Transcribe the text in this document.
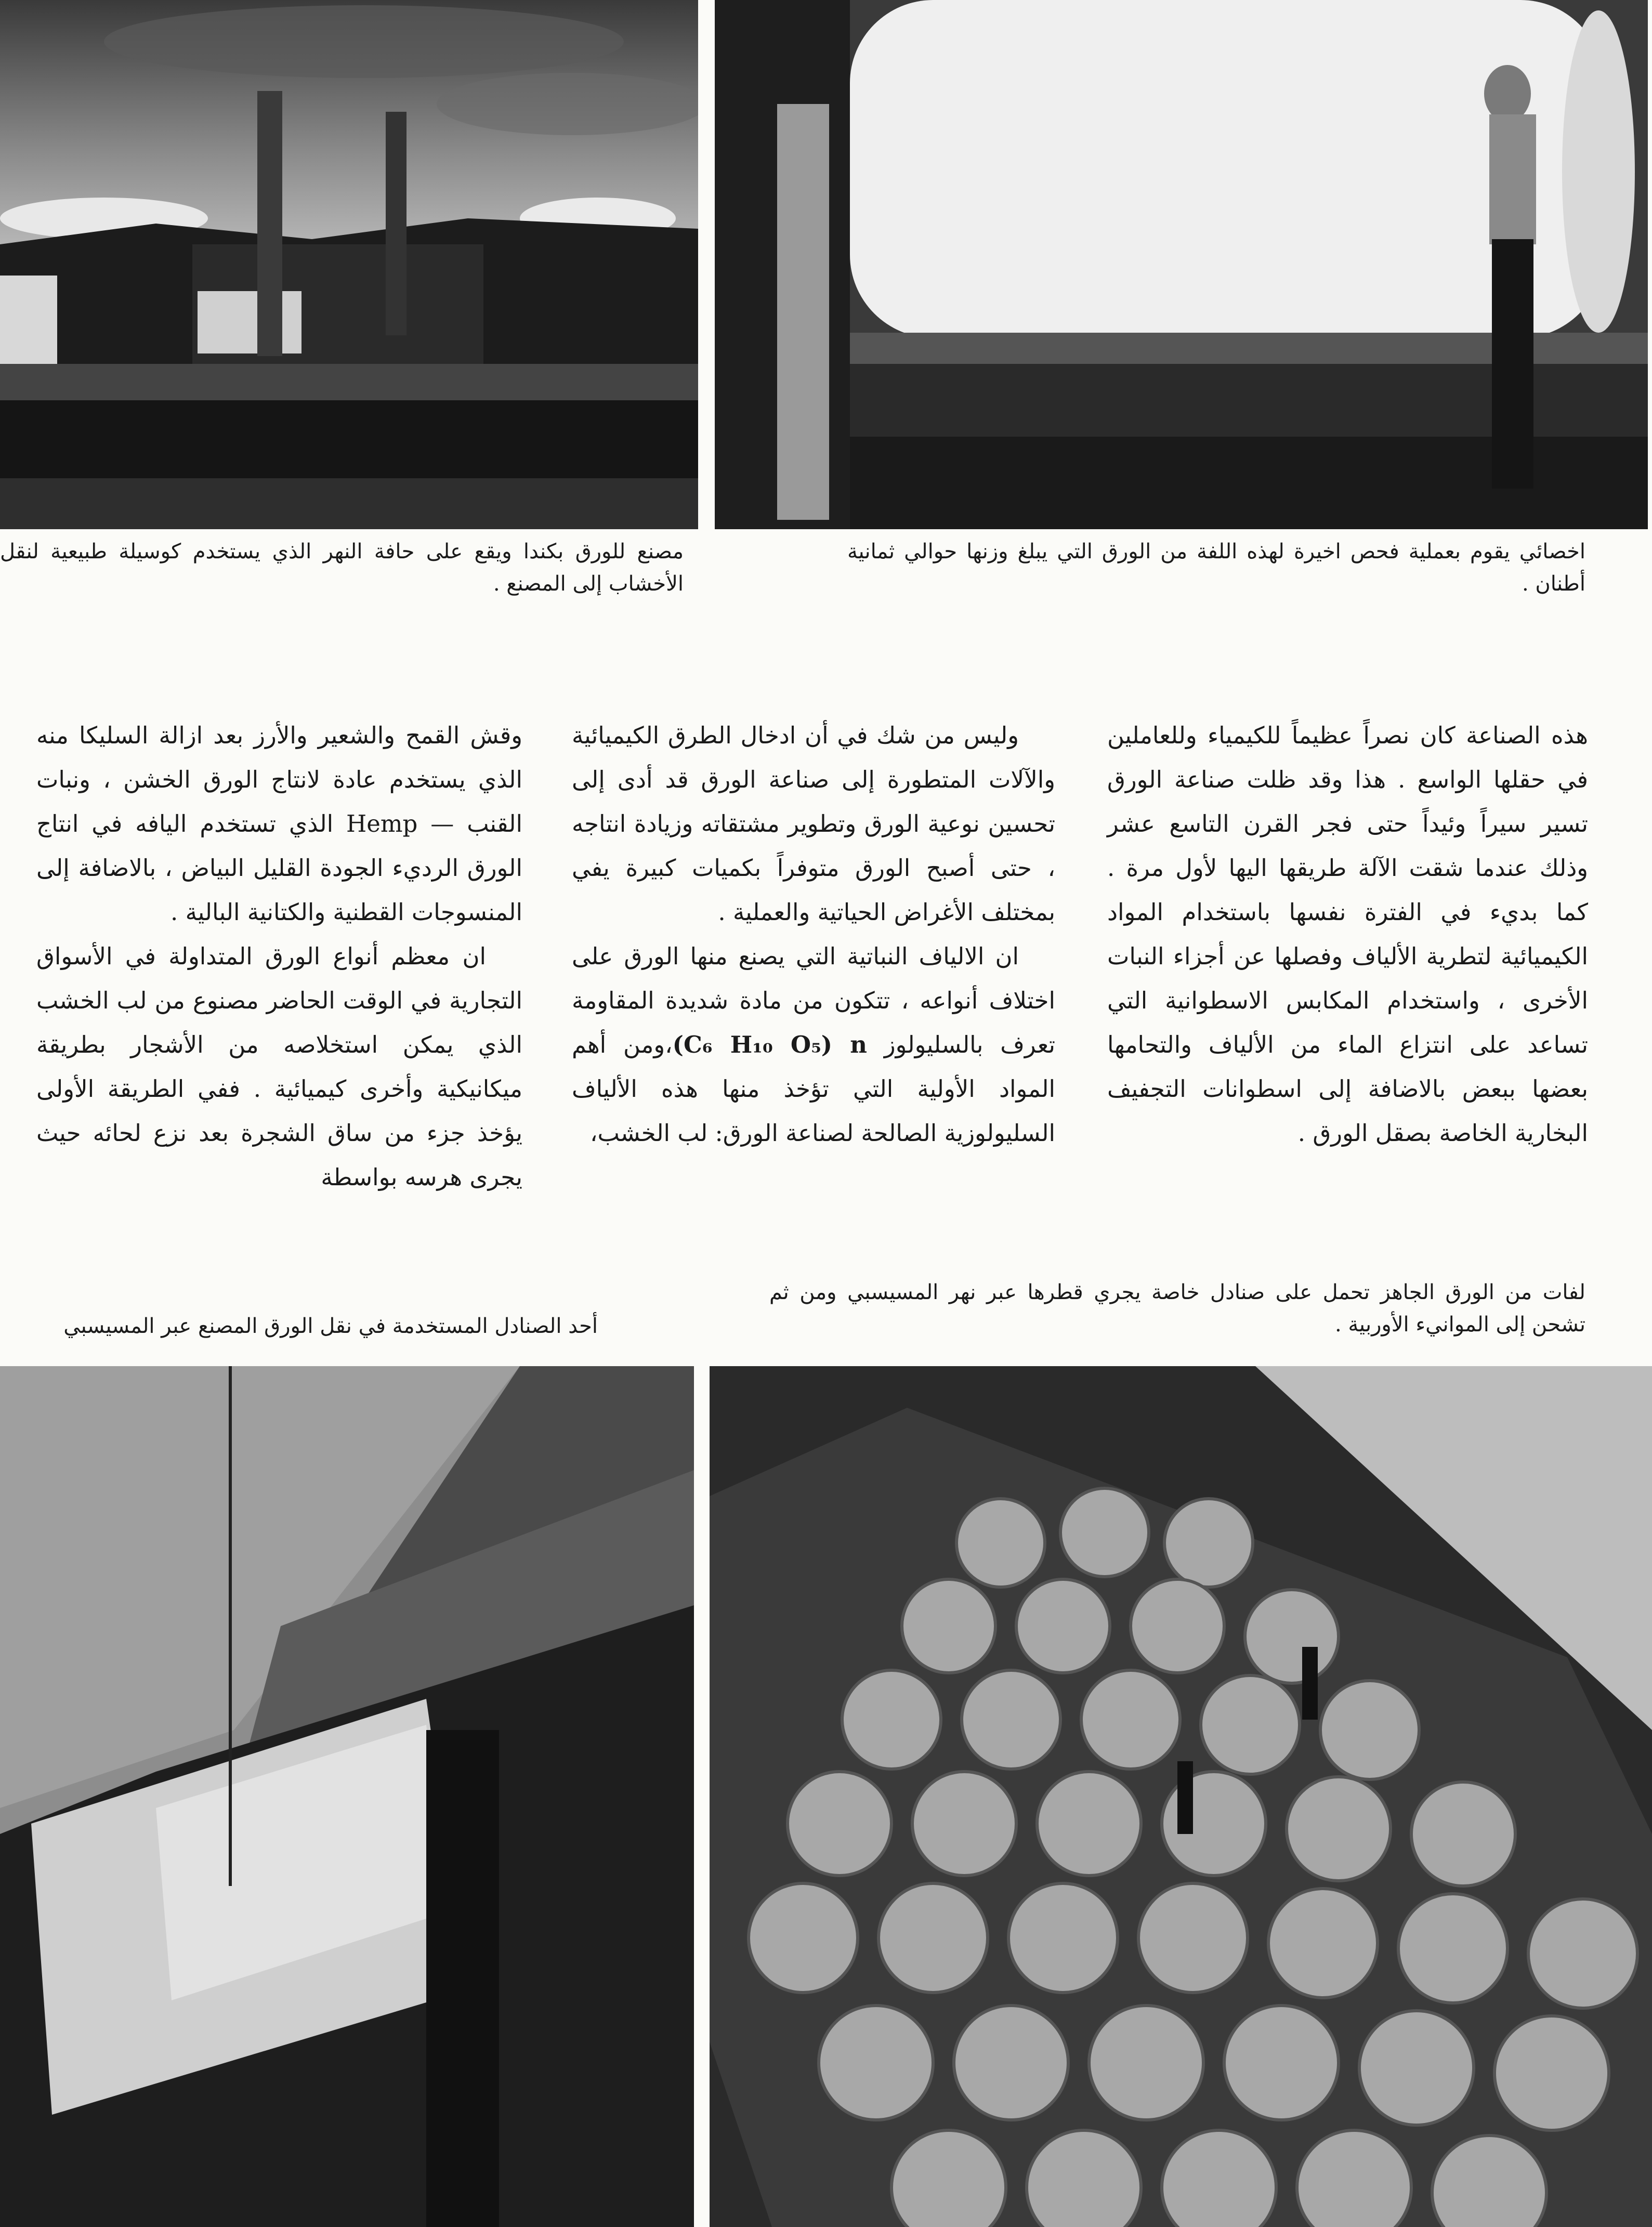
مصنع للورق بكندا ويقع على حافة النهر الذي يستخدم كوسيلة طبيعية لنقل الأخشاب إلى المصنع .
اخصائي يقوم بعملية فحص اخيرة لهذه اللفة من الورق التي يبلغ وزنها حوالي ثمانية أطنان .

هذه الصناعة كان نصراً عظيماً للكيمياء وللعاملين في حقلها الواسع . هذا وقد ظلت صناعة الورق تسير سيراً وئيداً حتى فجر القرن التاسع عشر وذلك عندما شقت الآلة طريقها اليها لأول مرة . كما بديء في الفترة نفسها باستخدام المواد الكيميائية لتطرية الألياف وفصلها عن أجزاء النبات الأخرى ، واستخدام المكابس الاسطوانية التي تساعد على انتزاع الماء من الألياف والتحامها بعضها ببعض بالاضافة إلى اسطوانات التجفيف البخارية الخاصة بصقل الورق .

وليس من شك في أن ادخال الطرق الكيميائية والآلات المتطورة إلى صناعة الورق قد أدى إلى تحسين نوعية الورق وتطوير مشتقاته وزيادة انتاجه ، حتى أصبح الورق متوفراً بكميات كبيرة يفي بمختلف الأغراض الحياتية والعملية .

ان الالياف النباتية التي يصنع منها الورق على اختلاف أنواعه ، تتكون من مادة شديدة المقاومة تعرف بالسليولوز (C₆ H₁₀ O₅) n،ومن أهم المواد الأولية التي تؤخذ منها هذه الألياف السليولوزية الصالحة لصناعة الورق: لب الخشب،

وقش القمح والشعير والأرز بعد ازالة السليكا منه الذي يستخدم عادة لانتاج الورق الخشن ، ونبات القنب — Hemp الذي تستخدم اليافه في انتاج الورق الرديء الجودة القليل البياض ، بالاضافة إلى المنسوجات القطنية والكتانية البالية .

ان معظم أنواع الورق المتداولة في الأسواق التجارية في الوقت الحاضر مصنوع من لب الخشب الذي يمكن استخلاصه من الأشجار بطريقة ميكانيكية وأخرى كيميائية . ففي الطريقة الأولى يؤخذ جزء من ساق الشجرة بعد نزع لحائه حيث يجرى هرسه بواسطة

لفات من الورق الجاهز تحمل على صنادل خاصة يجري قطرها عبر نهر المسيسبي ومن ثم تشحن إلى الموانيء الأوربية .
أحد الصنادل المستخدمة في نقل الورق المصنع عبر المسيسبي
